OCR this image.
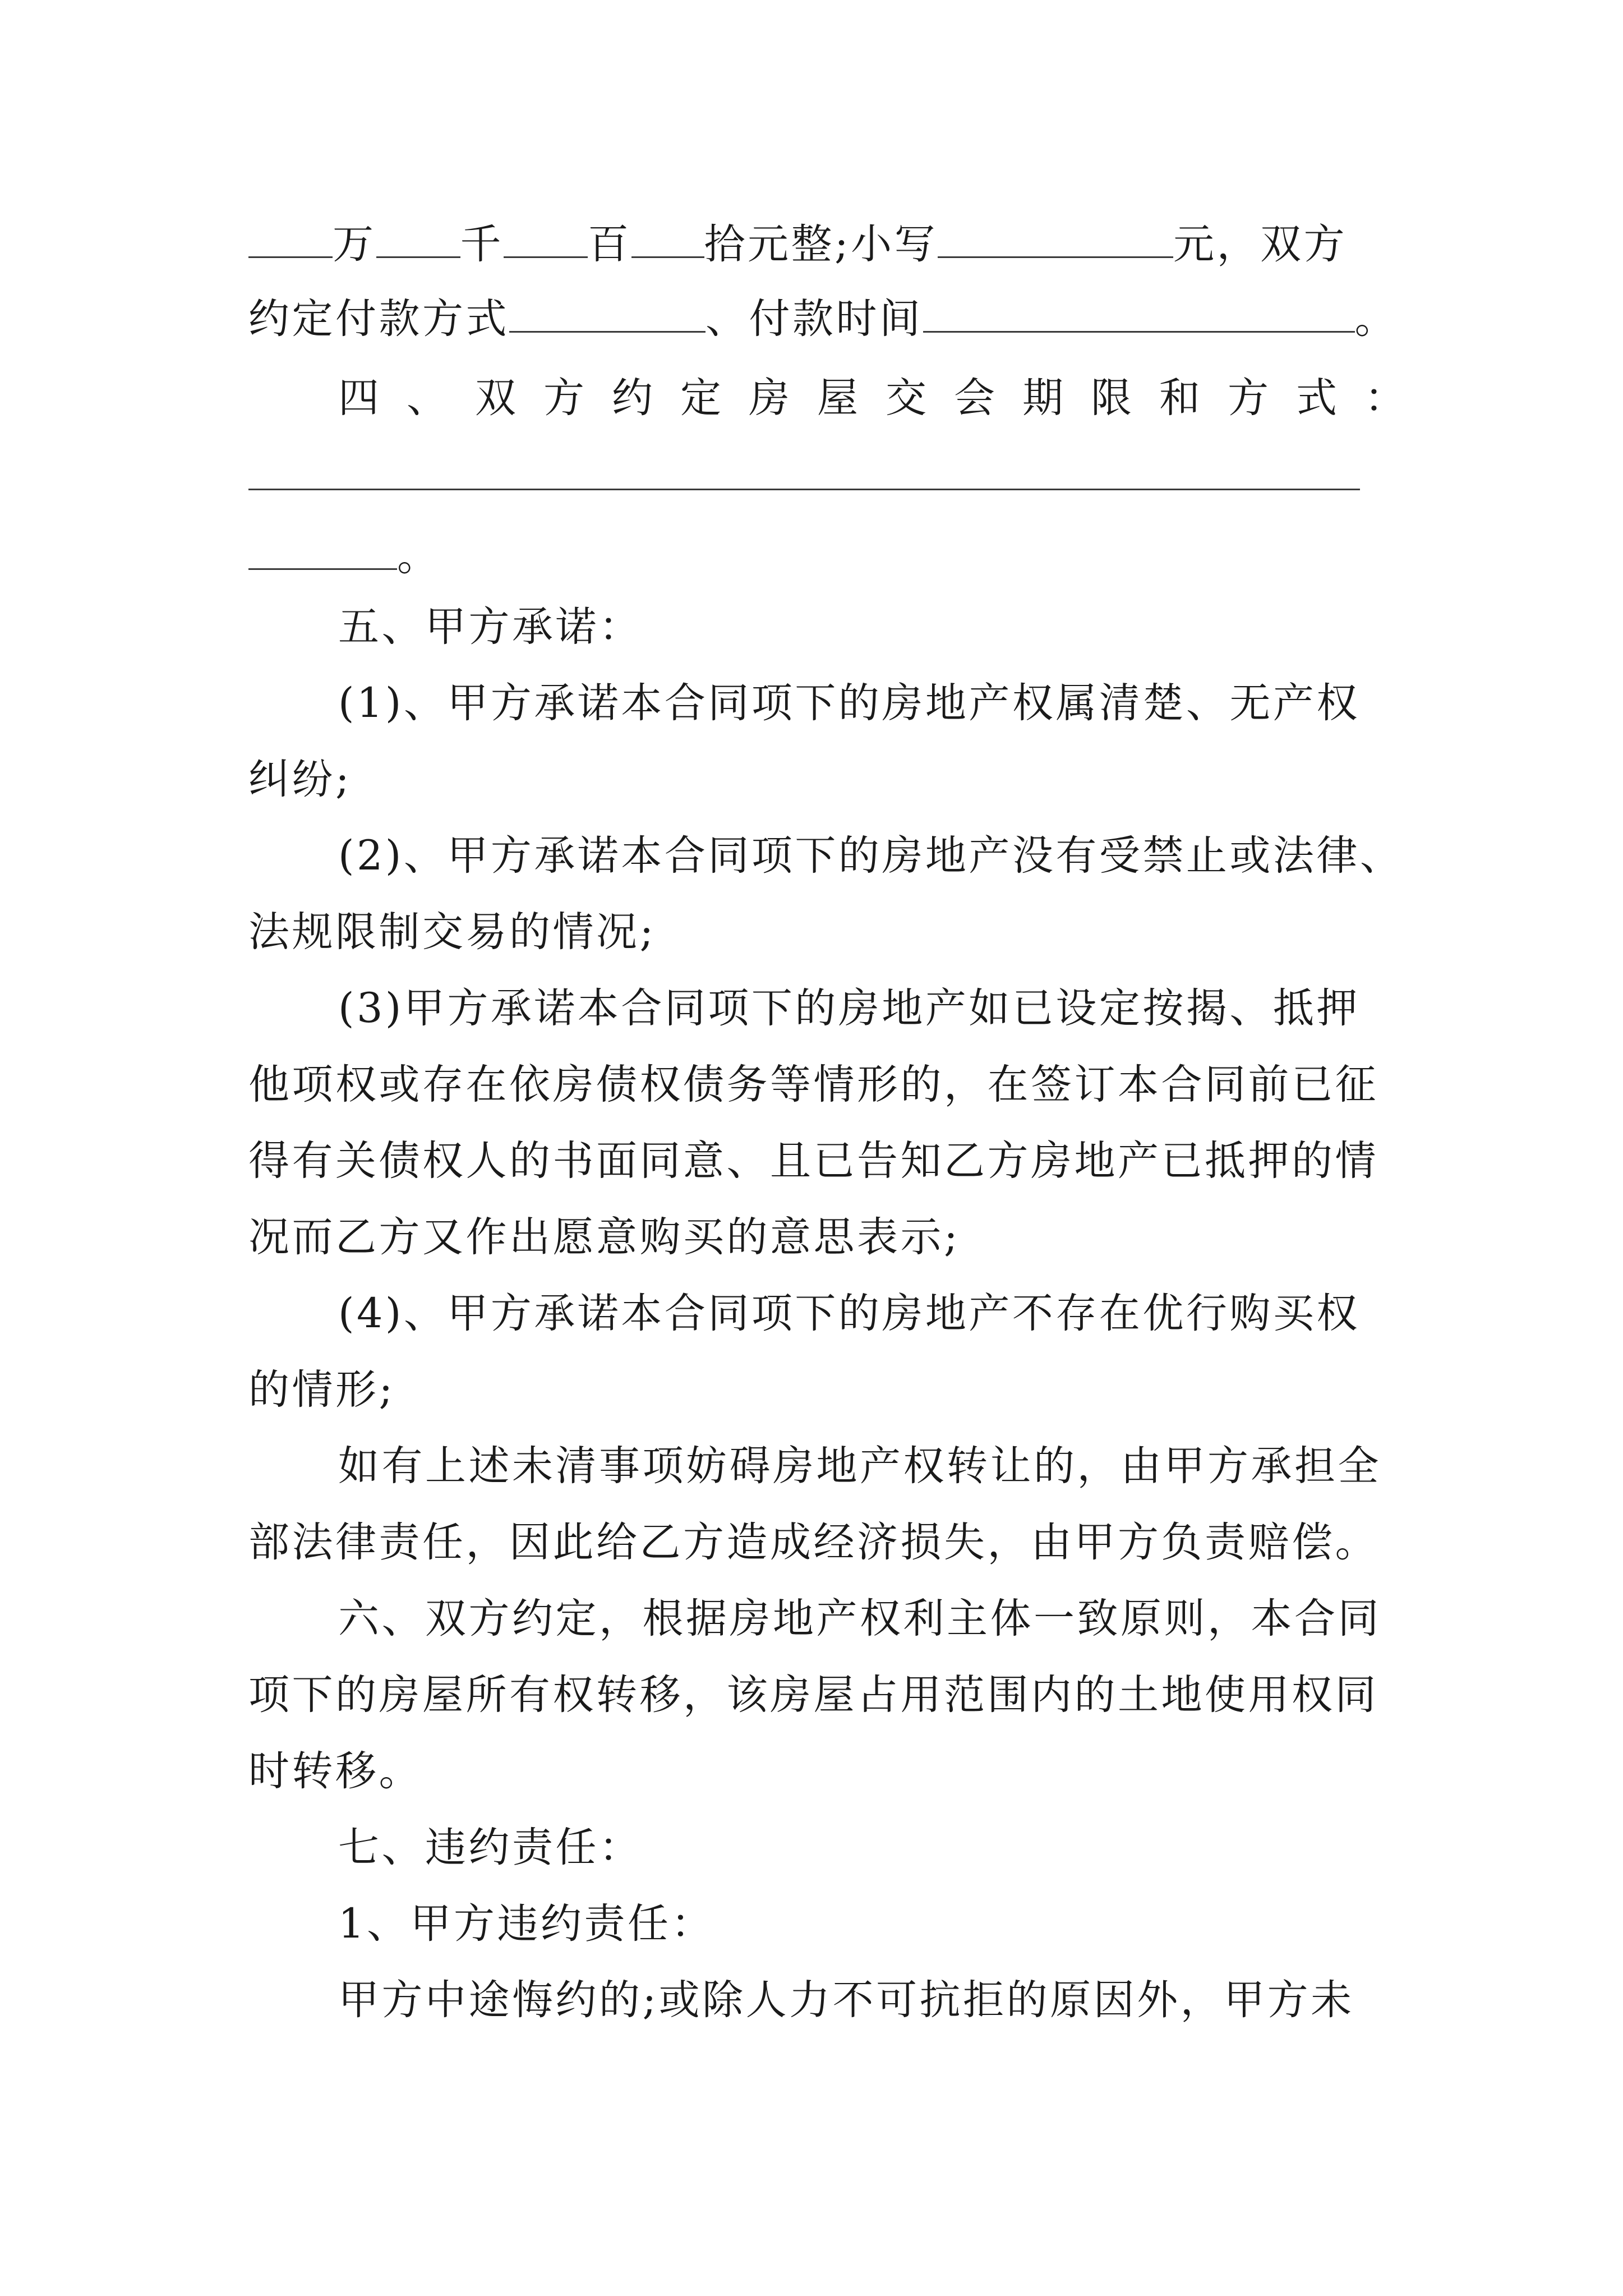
万 千 百 拾元整;小写	元，双方
约定付款方式	、付款时间	。
四、双方约定房屋交会期限和方式：
。
五、甲方承诺：
(1)、甲方承诺本合同项下的房地产权属清楚、无产权
纠纷;
(2)、甲方承诺本合同项下的房地产没有受禁止或法律、
法规限制交易的情况;
(3)甲方承诺本合同项下的房地产如已设定按揭、抵押
他项权或存在依房债权债务等情形的，在签订本合同前已征
得有关债权人的书面同意、且已告知乙方房地产已抵押的情
况而乙方又作出愿意购买的意思表示;
(4)、甲方承诺本合同项下的房地产不存在优行购买权
的情形;
如有上述未清事项妨碍房地产权转让的，由甲方承担全
部法律责任，因此给乙方造成经济损失，由甲方负责赔偿。
六、双方约定，根据房地产权利主体一致原则，本合同
项下的房屋所有权转移，该房屋占用范围内的土地使用权同
时转移。
七、违约责任：
1、甲方违约责任：
甲方中途悔约的;或除人力不可抗拒的原因外，甲方未
